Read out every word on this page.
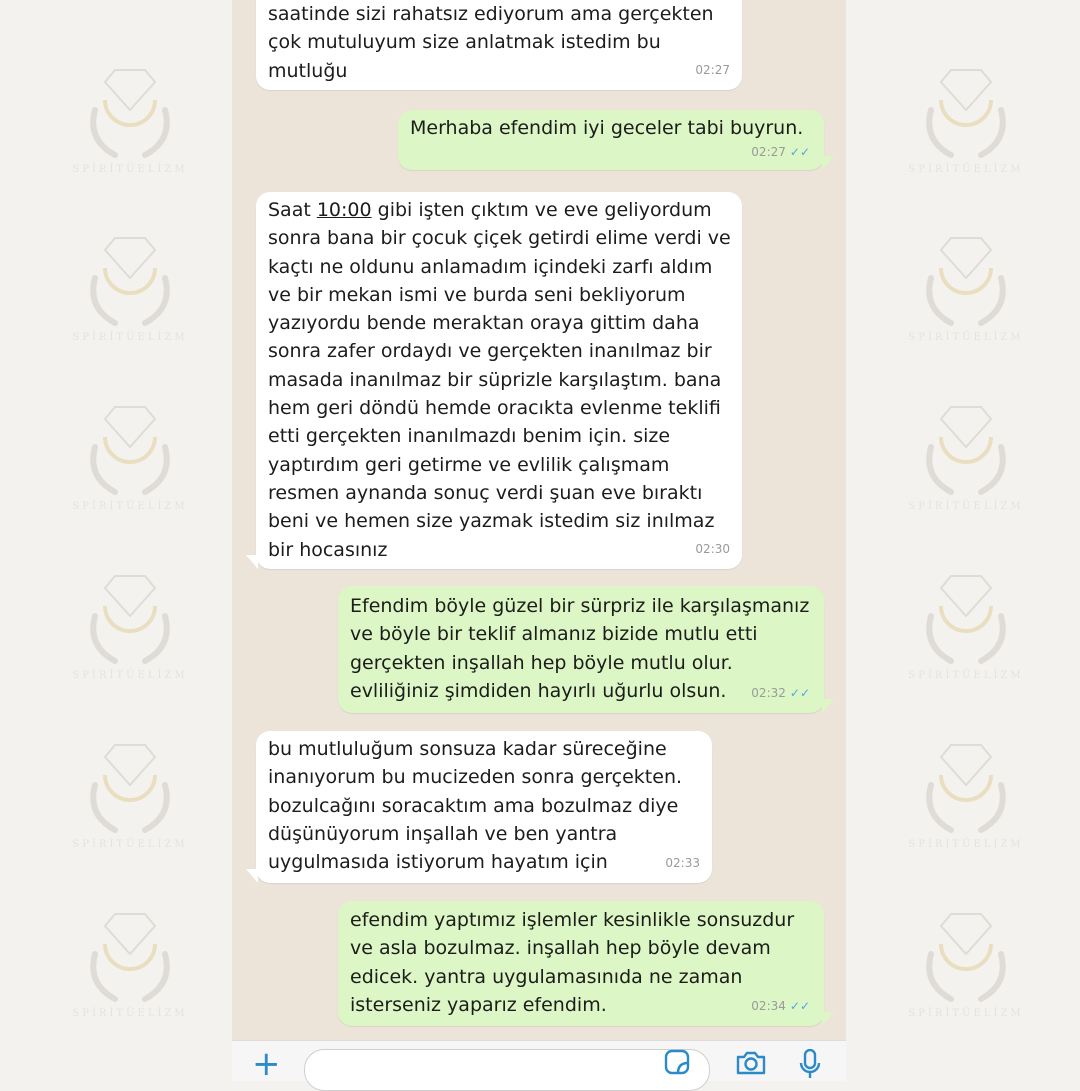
SPİRİTÜELİZM
SPİRİTÜELİZM
SPİRİTÜELİZM
SPİRİTÜELİZM
SPİRİTÜELİZM
SPİRİTÜELİZM
SPİRİTÜELİZM
SPİRİTÜELİZM
SPİRİTÜELİZM
SPİRİTÜELİZM
SPİRİTÜELİZM
SPİRİTÜELİZM
saatinde sizi rahatsız ediyorum ama gerçekten
çok mutuluyum size anlatmak istedim bu
mutluğu	02:27
Merhaba efendim iyi geceler tabi buyrun.
02:27 ✓✓
Saat 10:00 gibi işten çıktım ve eve geliyordum
sonra bana bir çocuk çiçek getirdi elime verdi ve
kaçtı ne oldunu anlamadım içindeki zarfı aldım
ve bir mekan ismi ve burda seni bekliyorum
yazıyordu bende meraktan oraya gittim daha
sonra zafer ordaydı ve gerçekten inanılmaz bir
masada inanılmaz bir süprizle karşılaştım. bana
hem geri döndü hemde oracıkta evlenme teklifi
etti gerçekten inanılmazdı benim için. size
yaptırdım geri getirme ve evlilik çalışmam
resmen aynanda sonuç verdi şuan eve bıraktı
beni ve hemen size yazmak istedim siz inılmaz
bir hocasınız	02:30
Efendim böyle güzel bir sürpriz ile karşılaşmanız
ve böyle bir teklif almanız bizide mutlu etti
gerçekten inşallah hep böyle mutlu olur.
evliliğiniz şimdiden hayırlı uğurlu olsun.	02:32 ✓✓
bu mutluluğum sonsuza kadar süreceğine
inanıyorum bu mucizeden sonra gerçekten.
bozulcağını soracaktım ama bozulmaz diye
düşünüyorum inşallah ve ben yantra
uygulmasıda istiyorum hayatım için	02:33
efendim yaptımız işlemler kesinlikle sonsuzdur
ve asla bozulmaz. inşallah hep böyle devam
edicek. yantra uygulamasınıda ne zaman
isterseniz yaparız efendim.	02:34 ✓✓
+
